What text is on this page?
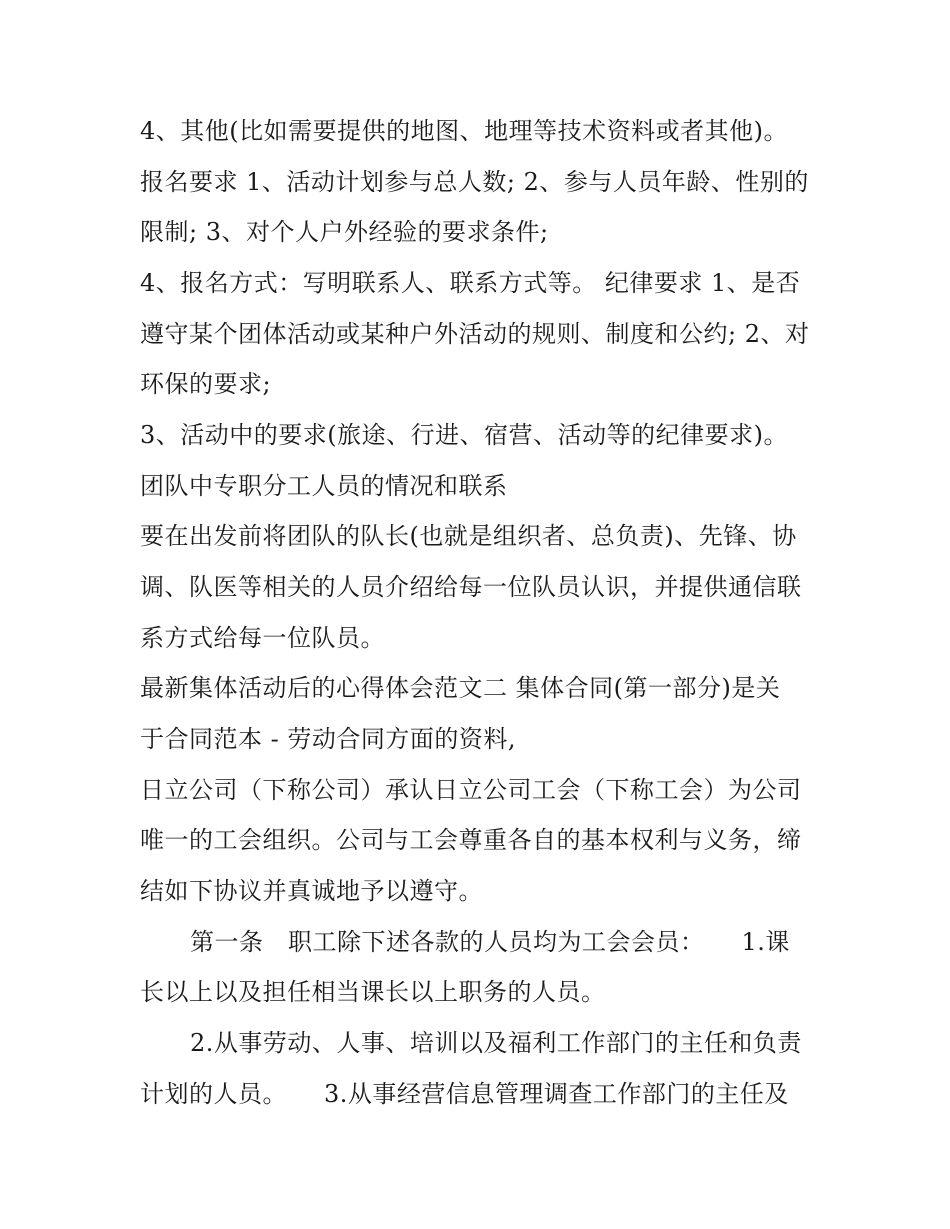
4、其他(比如需要提供的地图、地理等技术资料或者其他)。
报名要求 1、活动计划参与总人数; 2、参与人员年龄、性别的
限制; 3、对个人户外经验的要求条件;
4、报名方式：写明联系人、联系方式等。 纪律要求 1、是否
遵守某个团体活动或某种户外活动的规则、制度和公约; 2、对
环保的要求;
3、活动中的要求(旅途、行进、宿营、活动等的纪律要求)。
团队中专职分工人员的情况和联系
要在出发前将团队的队长(也就是组织者、总负责)、先锋、协
调、队医等相关的人员介绍给每一位队员认识，并提供通信联
系方式给每一位队员。
最新集体活动后的心得体会范文二 集体合同(第一部分)是关
于合同范本 - 劳动合同方面的资料,
日立公司（下称公司）承认日立公司工会（下称工会）为公司
唯一的工会组织。公司与工会尊重各自的基本权利与义务，缔
结如下协议并真诚地予以遵守。
第一条　职工除下述各款的人员均为工会会员：　　1.课
长以上以及担任相当课长以上职务的人员。
2.从事劳动、人事、培训以及福利工作部门的主任和负责
计划的人员。　　3.从事经营信息管理调查工作部门的主任及
